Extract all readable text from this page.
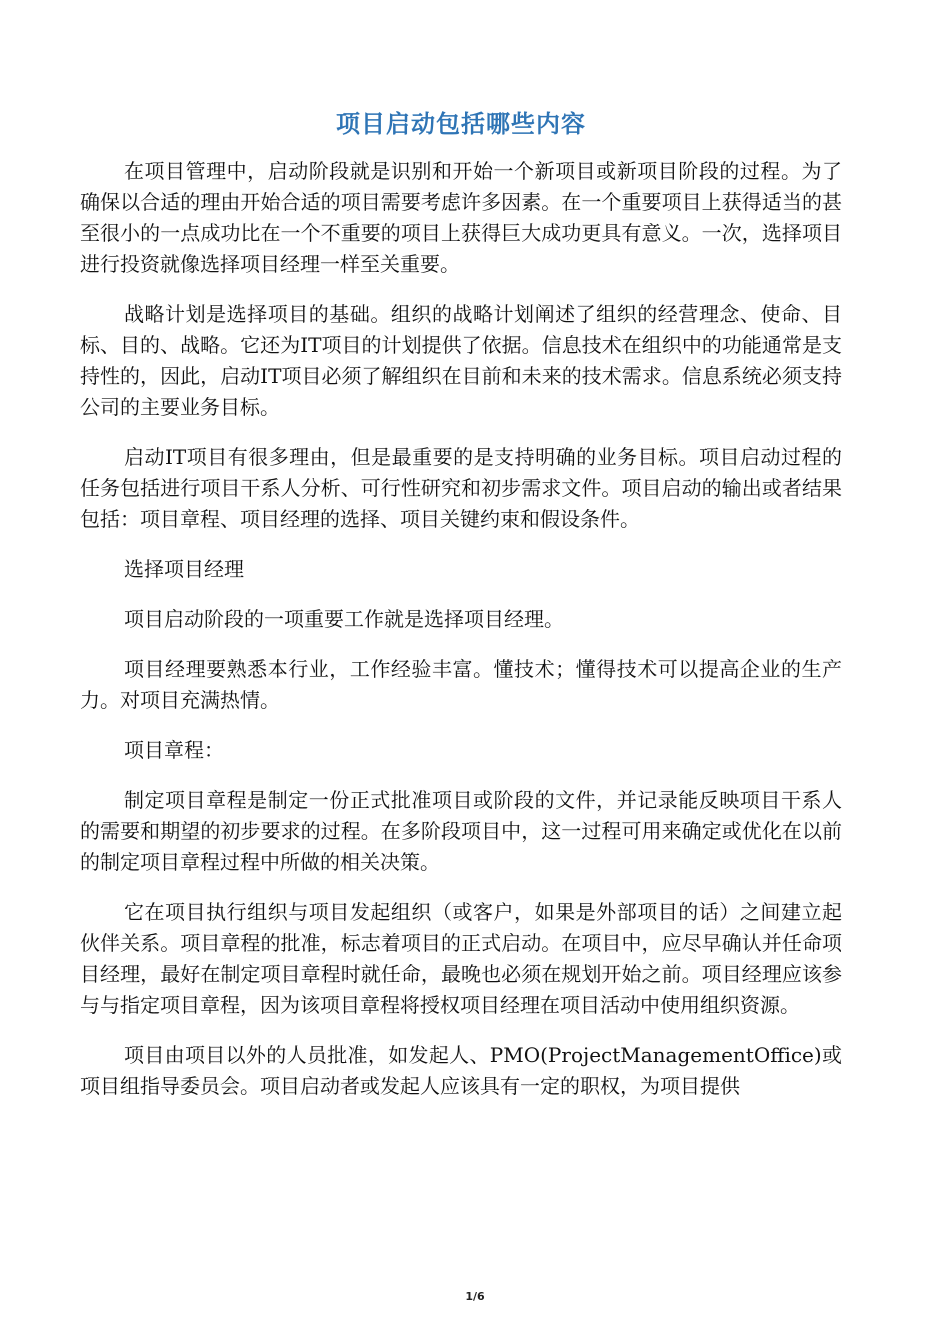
项目启动包括哪些内容

在项目管理中，启动阶段就是识别和开始一个新项目或新项目阶段的过程。为了确保以合适的理由开始合适的项目需要考虑许多因素。在一个重要项目上获得适当的甚至很小的一点成功比在一个不重要的项目上获得巨大成功更具有意义。一次，选择项目进行投资就像选择项目经理一样至关重要。

战略计划是选择项目的基础。组织的战略计划阐述了组织的经营理念、使命、目标、目的、战略。它还为IT项目的计划提供了依据。信息技术在组织中的功能通常是支持性的，因此，启动IT项目必须了解组织在目前和未来的技术需求。信息系统必须支持公司的主要业务目标。

启动IT项目有很多理由，但是最重要的是支持明确的业务目标。项目启动过程的任务包括进行项目干系人分析、可行性研究和初步需求文件。项目启动的输出或者结果包括：项目章程、项目经理的选择、项目关键约束和假设条件。

选择项目经理

项目启动阶段的一项重要工作就是选择项目经理。

项目经理要熟悉本行业，工作经验丰富。懂技术；懂得技术可以提高企业的生产力。对项目充满热情。

项目章程：

制定项目章程是制定一份正式批准项目或阶段的文件，并记录能反映项目干系人的需要和期望的初步要求的过程。在多阶段项目中，这一过程可用来确定或优化在以前的制定项目章程过程中所做的相关决策。

它在项目执行组织与项目发起组织（或客户，如果是外部项目的话）之间建立起伙伴关系。项目章程的批准，标志着项目的正式启动。在项目中，应尽早确认并任命项目经理，最好在制定项目章程时就任命，最晚也必须在规划开始之前。项目经理应该参与与指定项目章程，因为该项目章程将授权项目经理在项目活动中使用组织资源。

项目由项目以外的人员批准，如发起人、PMO(ProjectManagementOffice)或项目组指导委员会。项目启动者或发起人应该具有一定的职权，为项目提供

1/6
